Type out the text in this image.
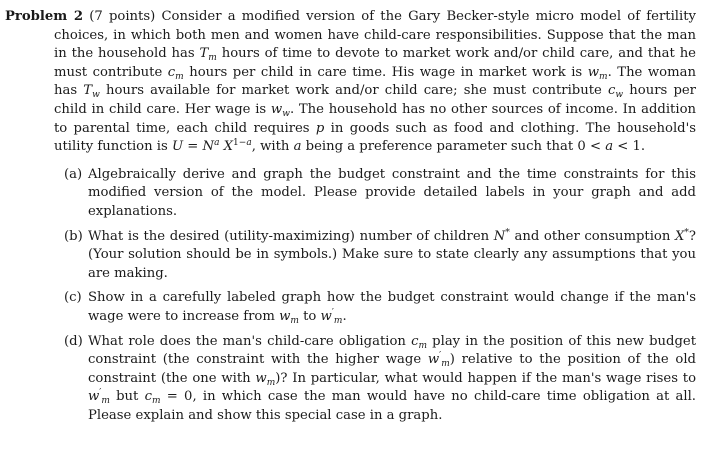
Problem 2 (7 points) Consider a modified version of the Gary Becker-style micro model of fertility choices, in which both men and women have child-care responsibilities. Suppose that the man in the household has $T_m$ hours of time to devote to market work and/or child care, and that he must contribute $c_m$ hours per child in care time. His wage in market work is $w_m$. The woman has $T_w$ hours available for market work and/or child care; she must contribute $c_w$ hours per child in child care. Her wage is $w_w$. The household has no other sources of income. In addition to parental time, each child requires p in goods such as food and clothing. The household's utility function is $U = N^a$ $X^{1-a}$, with a being a preference parameter such that 0 < a < 1.

(a) Algebraically derive and graph the budget constraint and the time constraints for this modified version of the model. Please provide detailed labels in your graph and add explanations.
(b) What is the desired (utility-maximizing) number of children N* and other consumption X*? (Your solution should be in symbols.) Make sure to state clearly any assumptions that you are making.
(c) Show in a carefully labeled graph how the budget constraint would change if the man's wage were to increase from $w_m$ to $w'_m$.
(d) What role does the man's child-care obligation $c_m$ play in the position of this new budget constraint (the constraint with the higher wage $w'_m$) relative to the position of the old constraint (the one with $w_m$)? In particular, what would happen if the man's wage rises to $w'_m$ but $c_m = 0$, in which case the man would have no child-care time obligation at all. Please explain and show this special case in a graph.
